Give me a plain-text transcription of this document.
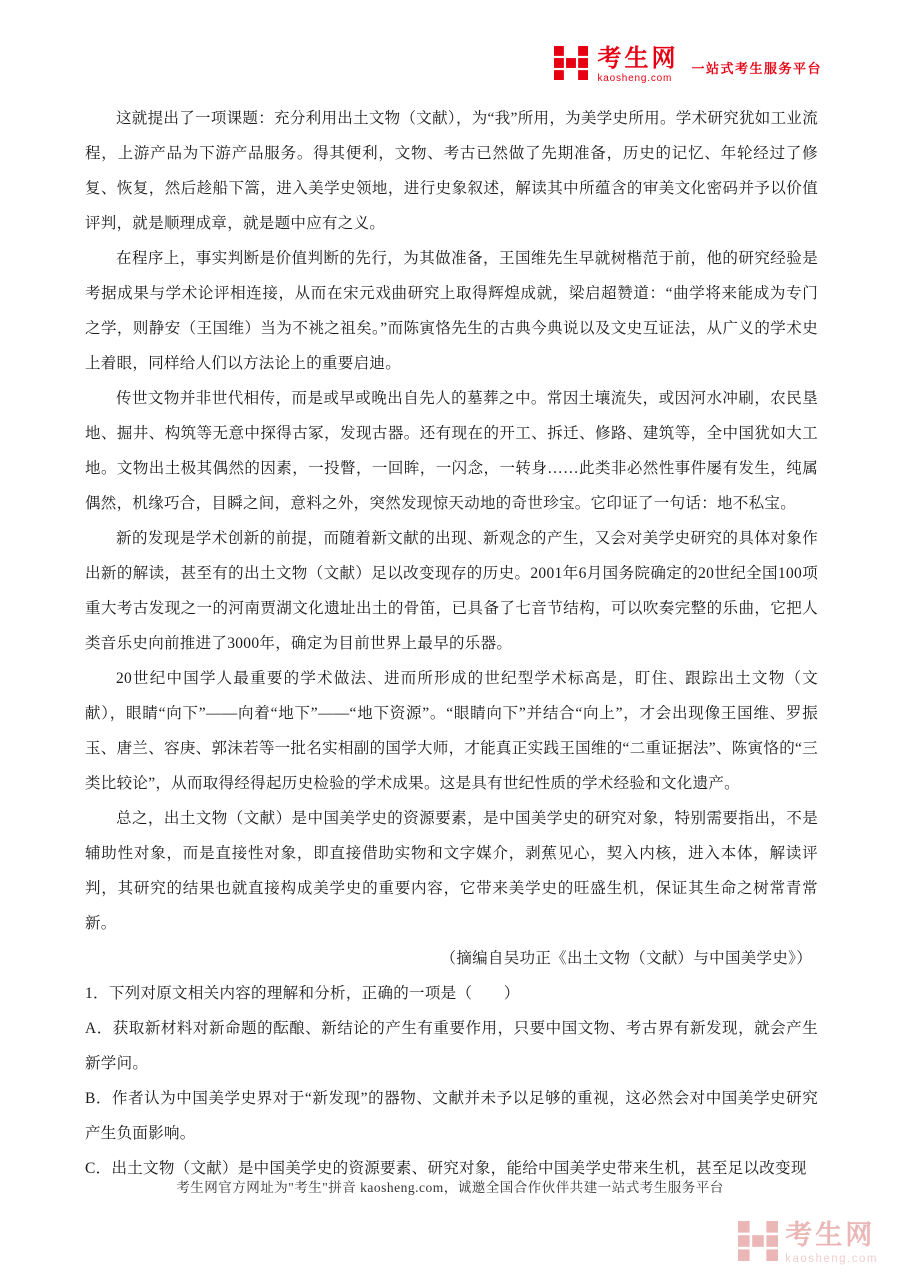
考生网
kaosheng.com
一站式考生服务平台

这就提出了一项课题：充分利用出土文物（文献），为“我”所用，为美学史所用。学术研究犹如工业流程，上游产品为下游产品服务。得其便利，文物、考古已然做了先期准备，历史的记忆、年轮经过了修复、恢复，然后趁船下篙，进入美学史领地，进行史象叙述，解读其中所蕴含的审美文化密码并予以价值评判，就是顺理成章，就是题中应有之义。

在程序上，事实判断是价值判断的先行，为其做准备，王国维先生早就树楷范于前，他的研究经验是考据成果与学术论评相连接，从而在宋元戏曲研究上取得辉煌成就，梁启超赞道：“曲学将来能成为专门之学，则静安（王国维）当为不祧之祖矣。”而陈寅恪先生的古典今典说以及文史互证法，从广义的学术史上着眼，同样给人们以方法论上的重要启迪。

传世文物并非世代相传，而是或早或晚出自先人的墓葬之中。常因土壤流失，或因河水冲刷，农民垦地、掘井、构筑等无意中探得古冢，发现古器。还有现在的开工、拆迁、修路、建筑等，全中国犹如大工地。文物出土极其偶然的因素，一投瞥，一回眸，一闪念，一转身……此类非必然性事件屡有发生，纯属偶然，机缘巧合，目瞬之间，意料之外，突然发现惊天动地的奇世珍宝。它印证了一句话：地不私宝。

新的发现是学术创新的前提，而随着新文献的出现、新观念的产生，又会对美学史研究的具体对象作出新的解读，甚至有的出土文物（文献）足以改变现存的历史。2001年6月国务院确定的20世纪全国100项重大考古发现之一的河南贾湖文化遗址出土的骨笛，已具备了七音节结构，可以吹奏完整的乐曲，它把人类音乐史向前推进了3000年，确定为目前世界上最早的乐器。

20世纪中国学人最重要的学术做法、进而所形成的世纪型学术标高是，盯住、跟踪出土文物（文献），眼睛“向下”——向着“地下”——“地下资源”。“眼睛向下”并结合“向上”，才会出现像王国维、罗振玉、唐兰、容庚、郭沫若等一批名实相副的国学大师，才能真正实践王国维的“二重证据法”、陈寅恪的“三类比较论”，从而取得经得起历史检验的学术成果。这是具有世纪性质的学术经验和文化遗产。

总之，出土文物（文献）是中国美学史的资源要素，是中国美学史的研究对象，特别需要指出，不是辅助性对象，而是直接性对象，即直接借助实物和文字媒介，剥蕉见心，契入内核，进入本体，解读评判，其研究的结果也就直接构成美学史的重要内容，它带来美学史的旺盛生机，保证其生命之树常青常新。

（摘编自吴功正《出土文物（文献）与中国美学史》）

1．下列对原文相关内容的理解和分析，正确的一项是（　　）

A．获取新材料对新命题的酝酿、新结论的产生有重要作用，只要中国文物、考古界有新发现，就会产生新学问。

B．作者认为中国美学史界对于“新发现”的器物、文献并未予以足够的重视，这必然会对中国美学史研究产生负面影响。

C．出土文物（文献）是中国美学史的资源要素、研究对象，能给中国美学史带来生机，甚至足以改变现

考生网官方网址为"考生"拼音 kaosheng.com，诚邀全国合作伙伴共建一站式考生服务平台

考生网
kaosheng.com
